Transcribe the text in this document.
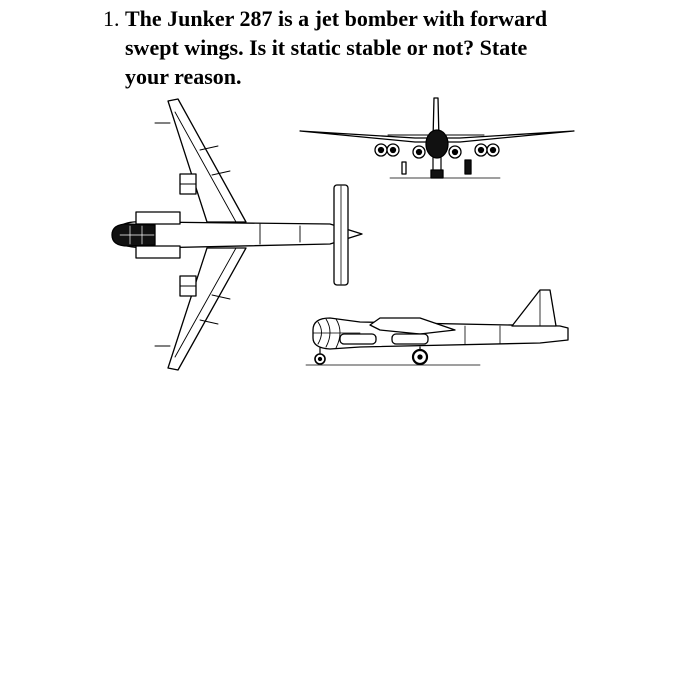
1. The Junker 287 is a jet bomber with forward swept wings. Is it static stable or not? State your reason.
